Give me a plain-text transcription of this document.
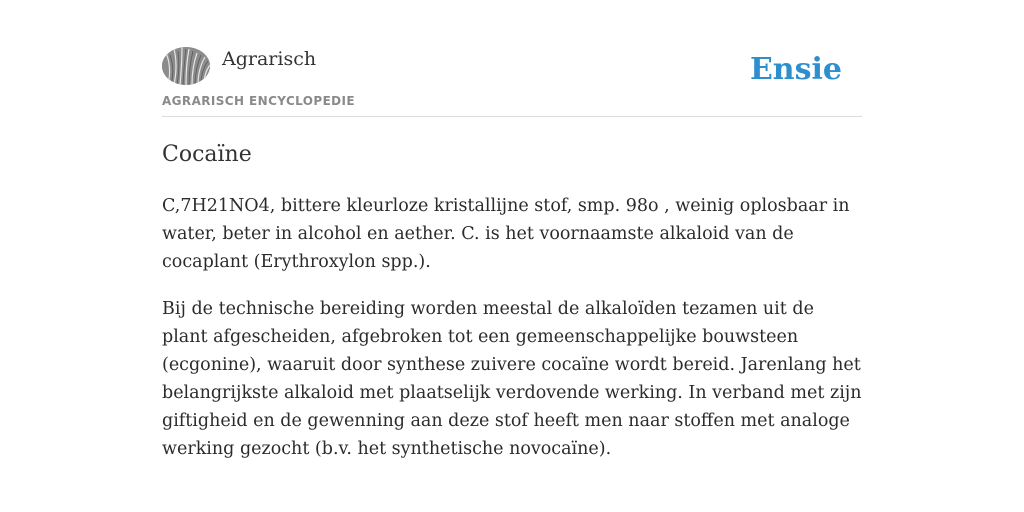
Agrarisch
AGRARISCH ENCYCLOPEDIE
Ensie
Cocaïne

C,7H21NO4, bittere kleurloze kristallijne stof, smp. 98o , weinig oplosbaar in water, beter in alcohol en aether. C. is het voornaamste alkaloid van de cocaplant (Erythroxylon spp.).

Bij de technische bereiding worden meestal de alkaloïden tezamen uit de plant afgescheiden, afgebroken tot een gemeenschappelijke bouwsteen (ecgonine), waaruit door synthese zuivere cocaïne wordt bereid. Jarenlang het belangrijkste alkaloid met plaatselijk verdovende werking. In verband met zijn giftigheid en de gewenning aan deze stof heeft men naar stoffen met analoge werking gezocht (b.v. het synthetische novocaïne).
